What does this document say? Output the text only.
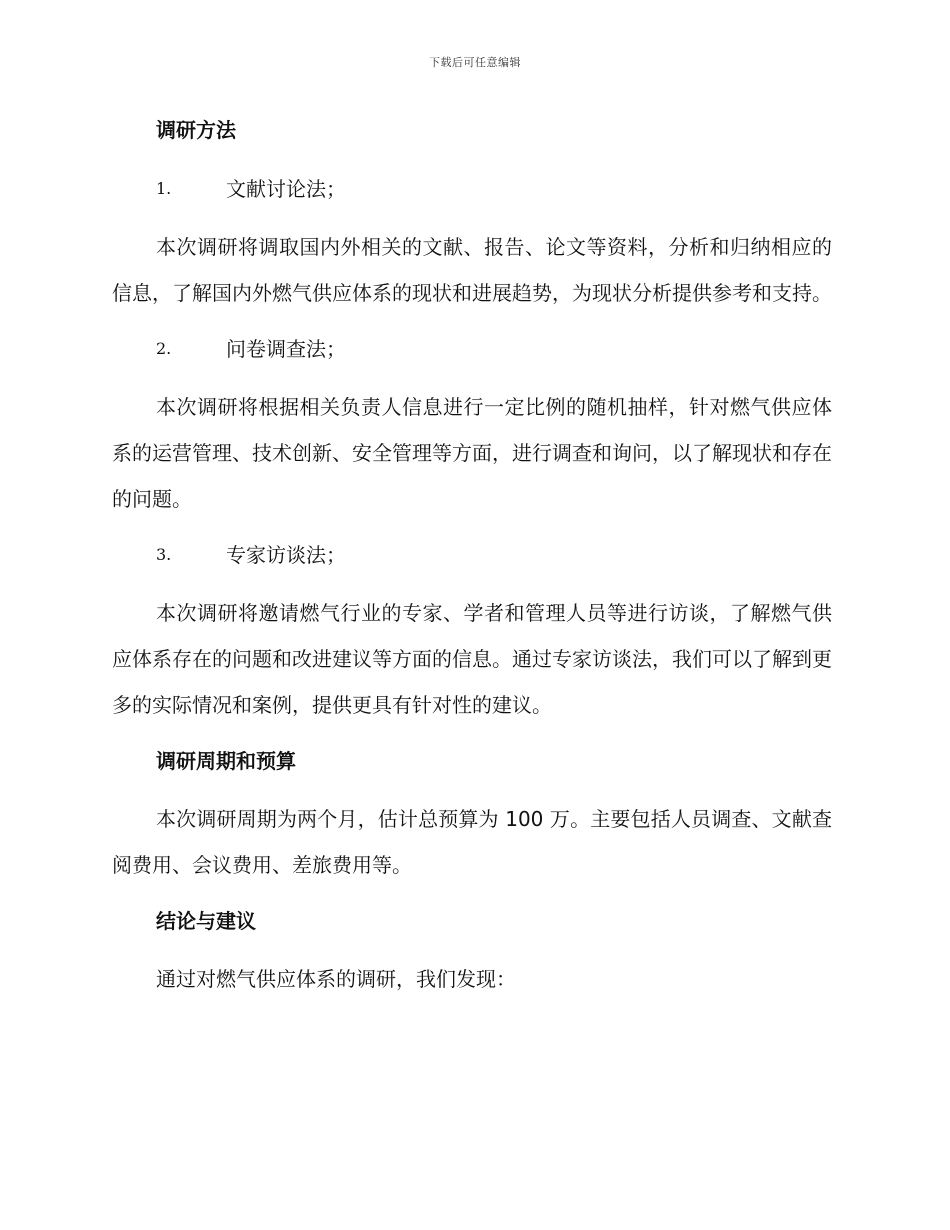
下载后可任意编辑
调研方法
1.	文献讨论法；

本次调研将调取国内外相关的文献、报告、论文等资料，分析和归纳相应的信息，了解国内外燃气供应体系的现状和进展趋势，为现状分析提供参考和支持。

2.	问卷调查法；

本次调研将根据相关负责人信息进行一定比例的随机抽样，针对燃气供应体系的运营管理、技术创新、安全管理等方面，进行调查和询问，以了解现状和存在的问题。

3.	专家访谈法；

本次调研将邀请燃气行业的专家、学者和管理人员等进行访谈，了解燃气供应体系存在的问题和改进建议等方面的信息。通过专家访谈法，我们可以了解到更多的实际情况和案例，提供更具有针对性的建议。

调研周期和预算

本次调研周期为两个月，估计总预算为 100 万。主要包括人员调查、文献查阅费用、会议费用、差旅费用等。

结论与建议

通过对燃气供应体系的调研，我们发现：
